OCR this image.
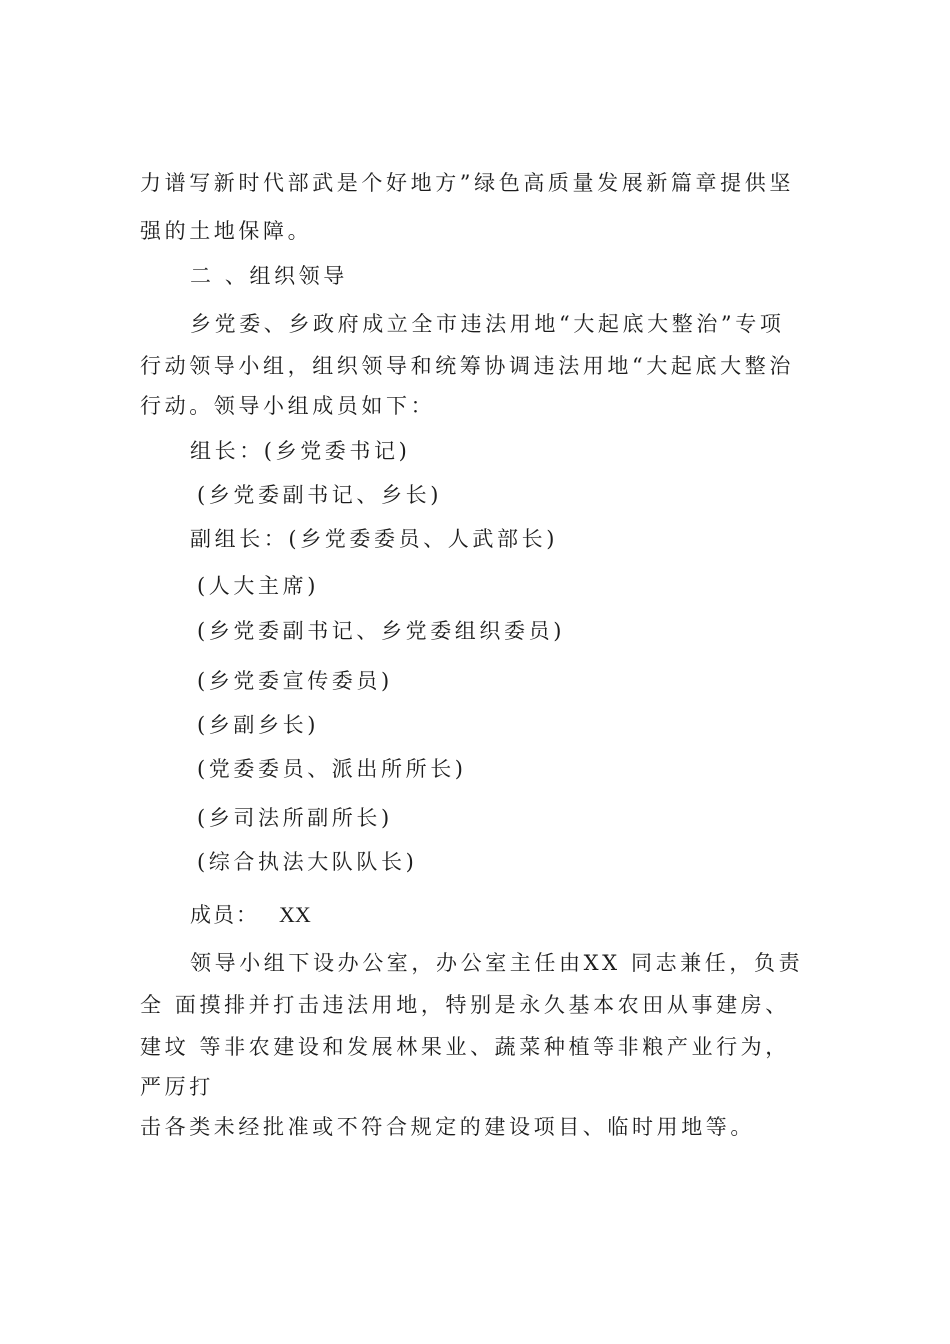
力谱写新时代部武是个好地方”绿色高质量发展新篇章提供坚
强的土地保障。
二 、组织领导
乡党委、乡政府成立全市违法用地“大起底大整治”专项
行动领导小组，组织领导和统筹协调违法用地“大起底大整治
行动。领导小组成员如下：
组长：(乡党委书记)
(乡党委副书记、乡长)
副组长：(乡党委委员、人武部长)
(人大主席)
(乡党委副书记、乡党委组织委员)
(乡党委宣传委员)
(乡副乡长)
(党委委员、派出所所长)
(乡司法所副所长)
(综合执法大队队长)
成员： XX
领导小组下设办公室，办公室主任由XX 同志兼任，负责
全 面摸排并打击违法用地，特别是永久基本农田从事建房、
建坟 等非农建设和发展林果业、蔬菜种植等非粮产业行为，
严厉打
击各类未经批准或不符合规定的建设项目、临时用地等。
